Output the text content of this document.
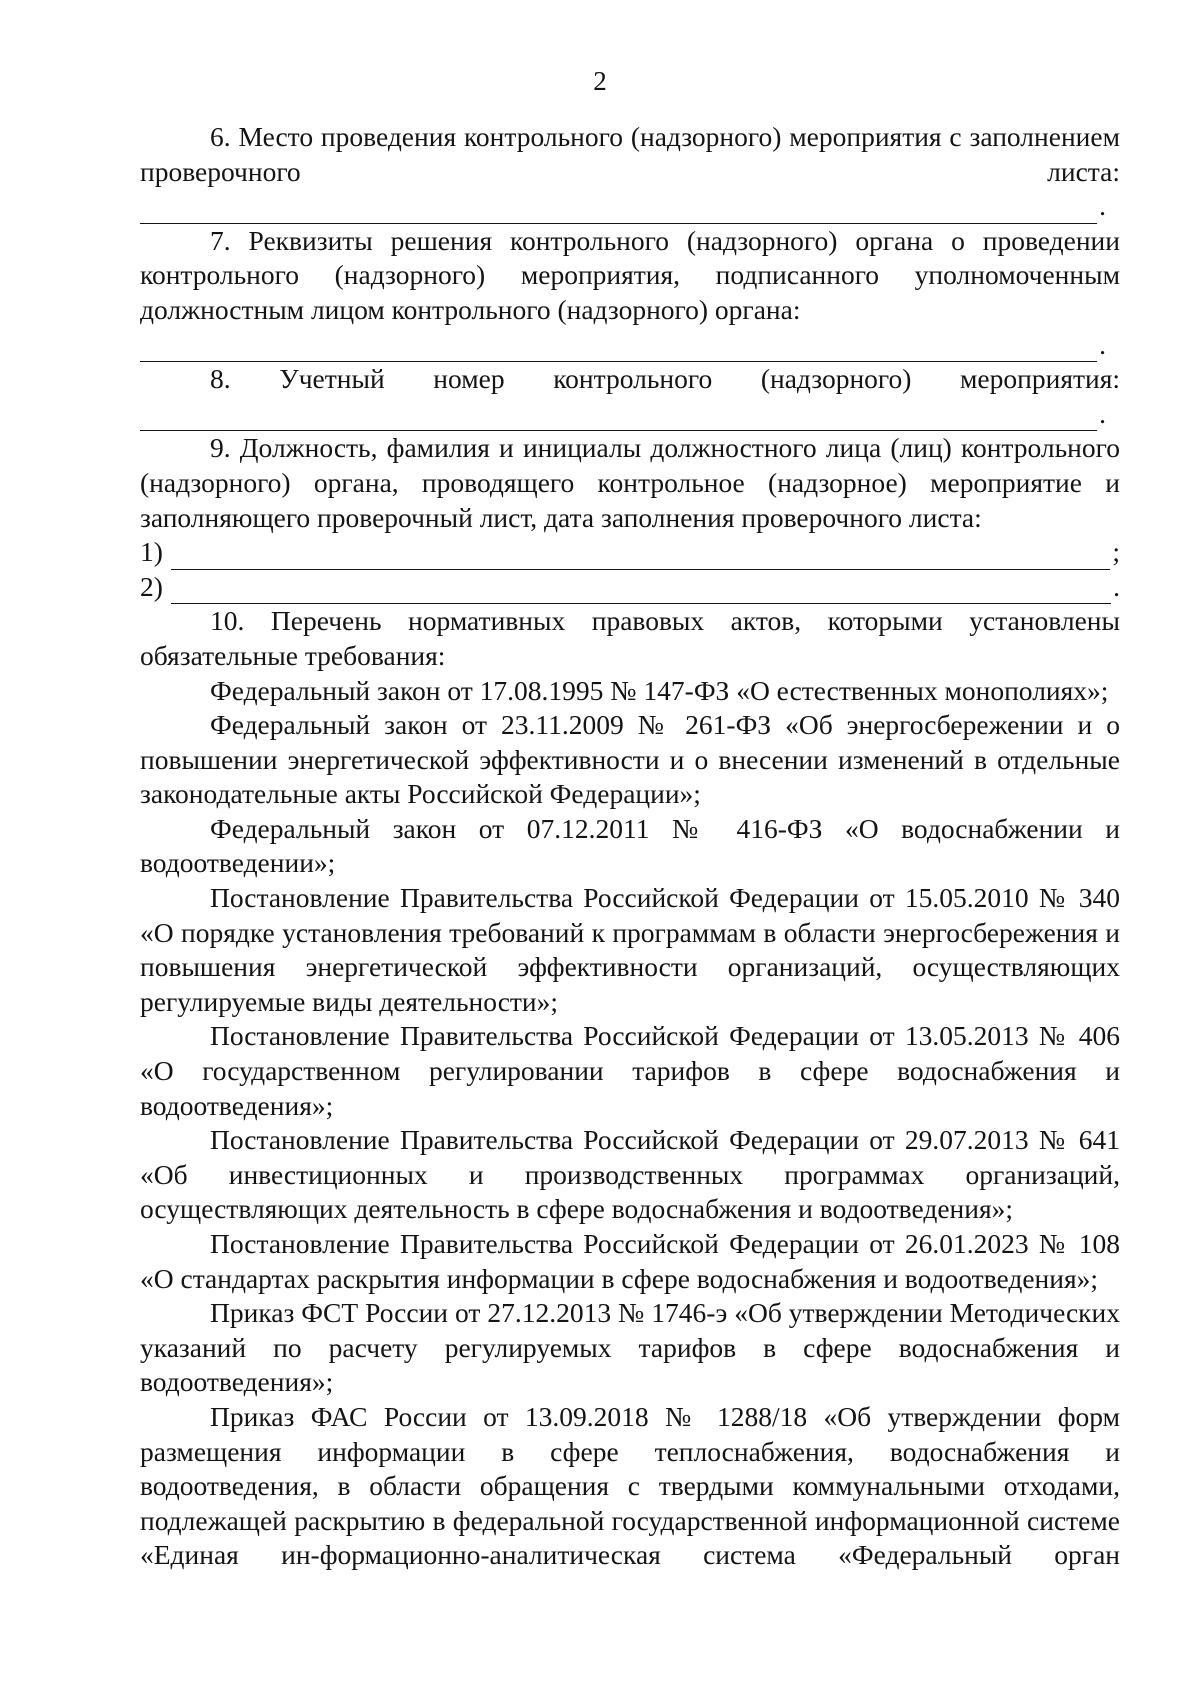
2

6. Место проведения контрольного (надзорного) мероприятия с заполнением проверочного листа:

.

7. Реквизиты решения контрольного (надзорного) органа о проведении контрольного (надзорного) мероприятия, подписанного уполномоченным должностным лицом контрольного (надзорного) органа:

.

8. Учетный номер контрольного (надзорного) мероприятия:

.

9. Должность, фамилия и инициалы должностного лица (лиц) контрольного (надзорного) органа, проводящего контрольное (надзорное) мероприятие и заполняющего проверочный лист, дата заполнения проверочного листа:

1)	;
2)	.

10. Перечень нормативных правовых актов, которыми установлены обязательные требования:

Федеральный закон от 17.08.1995 № 147-ФЗ «О естественных монополиях»;

Федеральный закон от 23.11.2009 № 261-ФЗ «Об энергосбережении и о повышении энергетической эффективности и о внесении изменений в отдельные законодательные акты Российской Федерации»;

Федеральный закон от 07.12.2011 № 416-ФЗ «О водоснабжении и водоотведении»;

Постановление Правительства Российской Федерации от 15.05.2010 № 340 «О порядке установления требований к программам в области энергосбережения и повышения энергетической эффективности организаций, осуществляющих регулируемые виды деятельности»;

Постановление Правительства Российской Федерации от 13.05.2013 № 406 «О государственном регулировании тарифов в сфере водоснабжения и водоотведения»;

Постановление Правительства Российской Федерации от 29.07.2013 № 641 «Об инвестиционных и производственных программах организаций, осуществляющих деятельность в сфере водоснабжения и водоотведения»;

Постановление Правительства Российской Федерации от 26.01.2023 № 108 «О стандартах раскрытия информации в сфере водоснабжения и водоотведения»;

Приказ ФСТ России от 27.12.2013 № 1746-э «Об утверждении Методических указаний по расчету регулируемых тарифов в сфере водоснабжения и водоотведения»;

Приказ ФАС России от 13.09.2018 № 1288/18 «Об утверждении форм размещения информации в сфере теплоснабжения, водоснабжения и водоотведения, в области обращения с твердыми коммунальными отходами, подлежащей раскрытию в федеральной государственной информационной системе «Единая ин-формационно-аналитическая система «Федеральный орган
